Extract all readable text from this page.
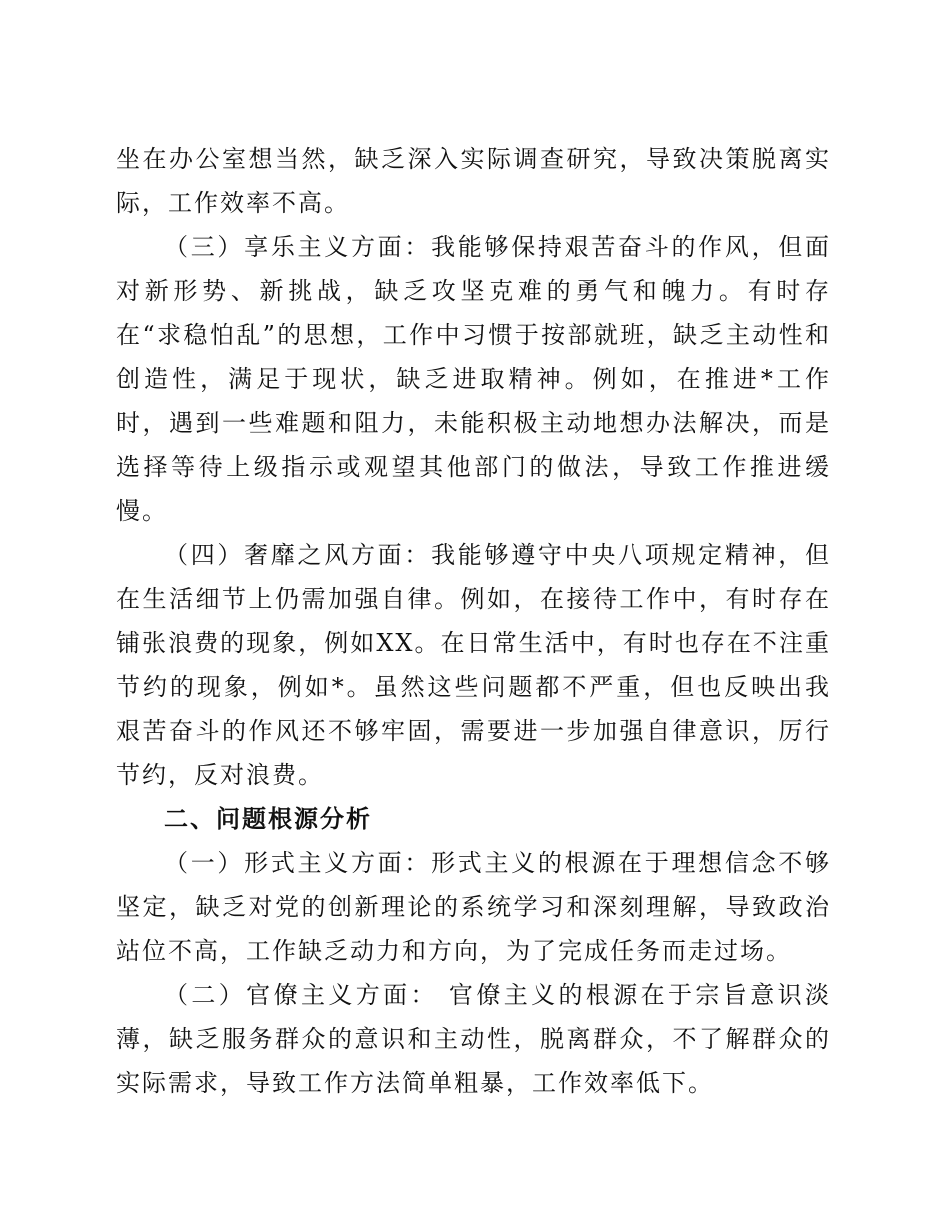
坐在办公室想当然，缺乏深入实际调查研究，导致决策脱离实际，工作效率不高。

（三）享乐主义方面：我能够保持艰苦奋斗的作风，但面对新形势、新挑战，缺乏攻坚克难的勇气和魄力。有时存在“求稳怕乱”的思想，工作中习惯于按部就班，缺乏主动性和创造性，满足于现状，缺乏进取精神。例如，在推进*工作时，遇到一些难题和阻力，未能积极主动地想办法解决，而是选择等待上级指示或观望其他部门的做法，导致工作推进缓慢。

（四）奢靡之风方面：我能够遵守中央八项规定精神，但在生活细节上仍需加强自律。例如，在接待工作中，有时存在铺张浪费的现象，例如XX。在日常生活中，有时也存在不注重节约的现象，例如*。虽然这些问题都不严重，但也反映出我艰苦奋斗的作风还不够牢固，需要进一步加强自律意识，厉行节约，反对浪费。

二、问题根源分析

（一）形式主义方面：形式主义的根源在于理想信念不够坚定，缺乏对党的创新理论的系统学习和深刻理解，导致政治站位不高，工作缺乏动力和方向，为了完成任务而走过场。

（二）官僚主义方面： 官僚主义的根源在于宗旨意识淡薄，缺乏服务群众的意识和主动性，脱离群众，不了解群众的实际需求，导致工作方法简单粗暴，工作效率低下。
